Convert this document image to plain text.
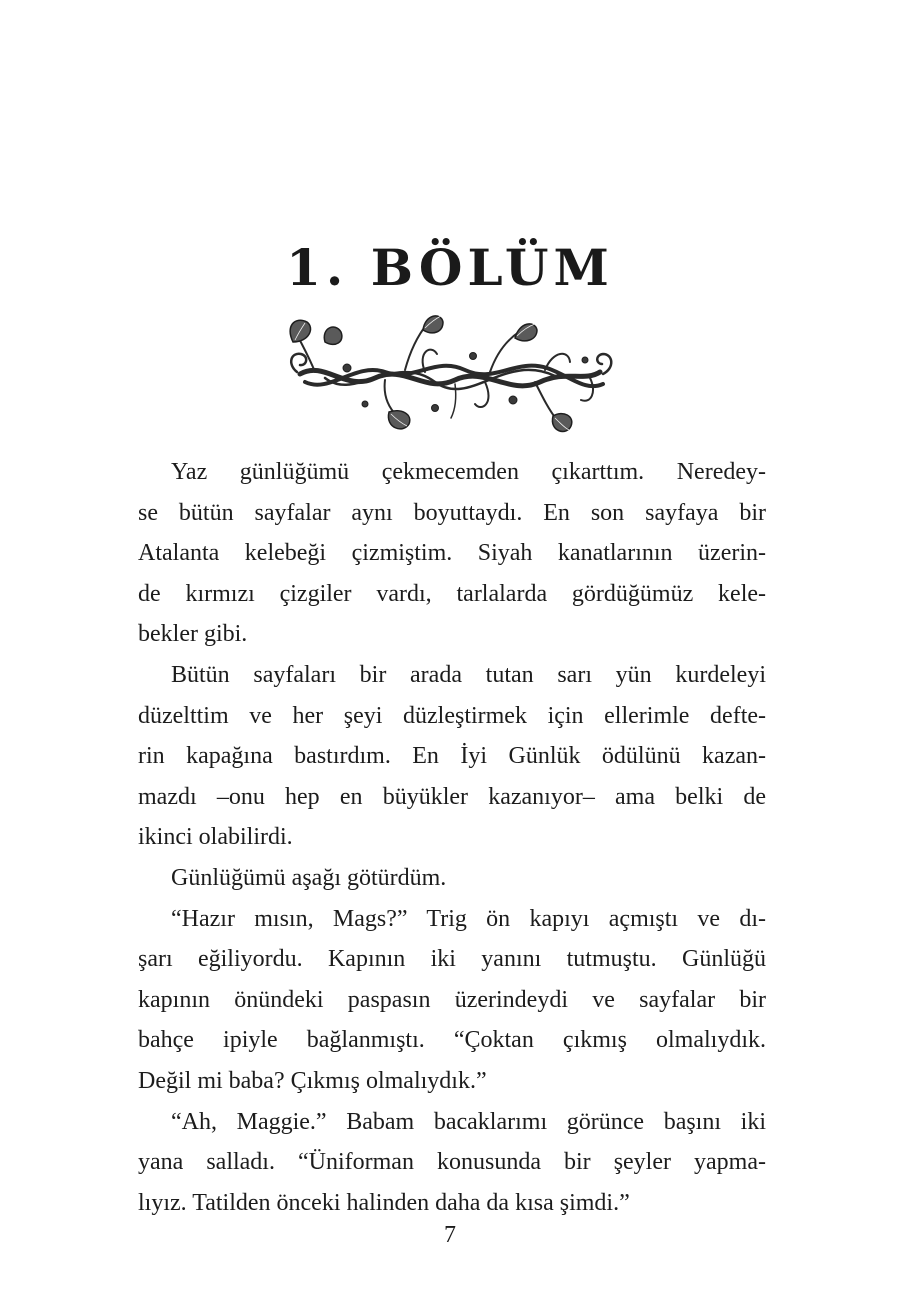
1. BÖLÜM

Yaz günlüğümü çekmecemden çıkarttım. Neredey-
se bütün sayfalar aynı boyuttaydı. En son sayfaya bir
Atalanta kelebeği çizmiştim. Siyah kanatlarının üzerin-
de kırmızı çizgiler vardı, tarlalarda gördüğümüz kele-
bekler gibi.

Bütün sayfaları bir arada tutan sarı yün kurdeleyi
düzelttim ve her şeyi düzleştirmek için ellerimle defte-
rin kapağına bastırdım. En İyi Günlük ödülünü kazan-
mazdı –onu hep en büyükler kazanıyor– ama belki de
ikinci olabilirdi.

Günlüğümü aşağı götürdüm.

“Hazır mısın, Mags?” Trig ön kapıyı açmıştı ve dı-
şarı eğiliyordu. Kapının iki yanını tutmuştu. Günlüğü
kapının önündeki paspasın üzerindeydi ve sayfalar bir
bahçe ipiyle bağlanmıştı. “Çoktan çıkmış olmalıydık.
Değil mi baba? Çıkmış olmalıydık.”

“Ah, Maggie.” Babam bacaklarımı görünce başını iki
yana salladı. “Üniforman konusunda bir şeyler yapma-
lıyız. Tatilden önceki halinden daha da kısa şimdi.”

7
